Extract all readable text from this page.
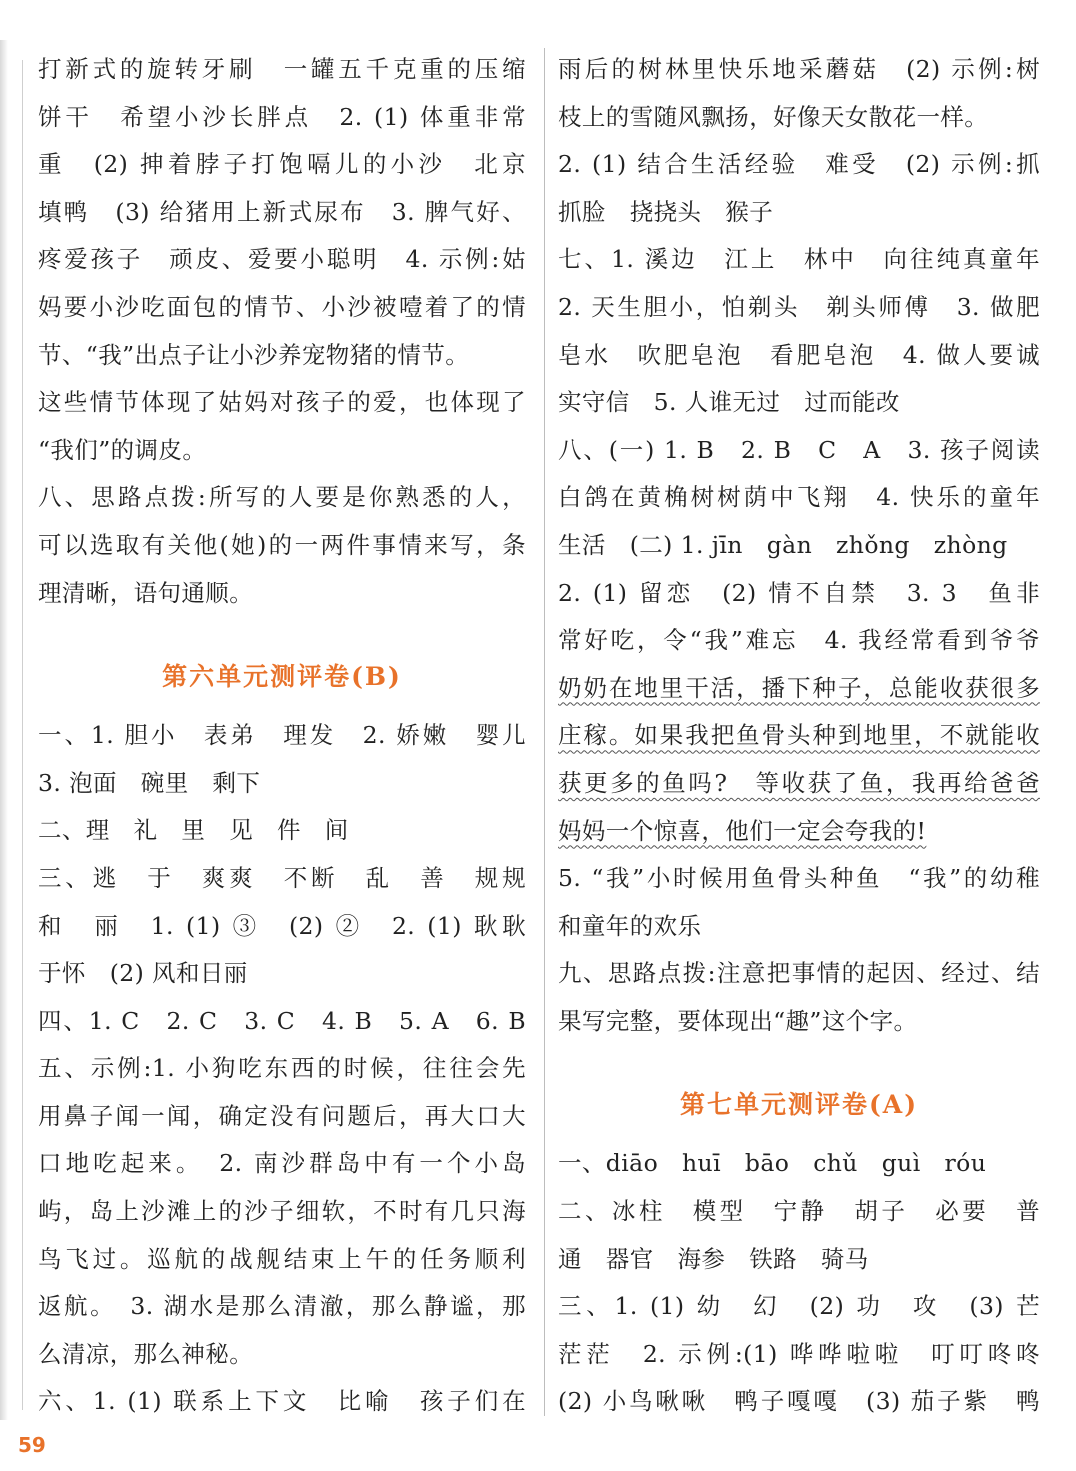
打新式的旋转牙刷　一罐五千克重的压缩
饼干　希望小沙长胖点　2. (1) 体重非常
重　(2) 抻着脖子打饱嗝儿的小沙　北京
填鸭　(3) 给猪用上新式尿布　3. 脾气好、
疼爱孩子　顽皮、爱要小聪明　4. 示例:姑
妈要小沙吃面包的情节、小沙被噎着了的情
节、“我”出点子让小沙养宠物猪的情节。
这些情节体现了姑妈对孩子的爱，也体现了
“我们”的调皮。
八、思路点拨:所写的人要是你熟悉的人，
可以选取有关他(她)的一两件事情来写，条
理清晰，语句通顺。
第六单元测评卷(B)
一、1. 胆小　表弟　理发　2. 娇嫩　婴儿
3. 泡面　碗里　剩下
二、理　礼　里　见　件　间
三、逃　于　爽爽　不断　乱　善　规规
和　丽　1. (1) ③　(2) ②　2. (1) 耿耿
于怀　(2) 风和日丽
四、1. C　2. C　3. C　4. B　5. A　6. B
五、示例:1. 小狗吃东西的时候，往往会先
用鼻子闻一闻，确定没有问题后，再大口大
口地吃起来。　2. 南沙群岛中有一个小岛
屿，岛上沙滩上的沙子细软，不时有几只海
鸟飞过。巡航的战舰结束上午的任务顺利
返航。　3. 湖水是那么清澈，那么静谧，那
么清凉，那么神秘。
六、1. (1) 联系上下文　比喻　孩子们在
雨后的树林里快乐地采蘑菇　(2) 示例:树
枝上的雪随风飘扬，好像天女散花一样。
2. (1) 结合生活经验　难受　(2) 示例:抓
抓脸　挠挠头　猴子
七、1. 溪边　江上　林中　向往纯真童年
2. 天生胆小，怕剃头　剃头师傅　3. 做肥
皂水　吹肥皂泡　看肥皂泡　4. 做人要诚
实守信　5. 人谁无过　过而能改
八、(一) 1. B　2. B　C　A　3. 孩子阅读
白鸽在黄桷树树荫中飞翔　4. 快乐的童年
生活　(二) 1. jīn　gàn　zhǒng　zhòng
2. (1) 留恋　(2) 情不自禁　3. 3　鱼非
常好吃，令“我”难忘　4. 我经常看到爷爷
奶奶在地里干活，播下种子，总能收获很多
庄稼。如果我把鱼骨头种到地里，不就能收
获更多的鱼吗?　等收获了鱼，我再给爸爸
妈妈一个惊喜，他们一定会夸我的!
5. “我”小时候用鱼骨头种鱼　“我”的幼稚
和童年的欢乐
九、思路点拨:注意把事情的起因、经过、结
果写完整，要体现出“趣”这个字。
第七单元测评卷(A)
一、diāo　huī　bāo　chǔ　guì　róu
二、冰柱　模型　宁静　胡子　必要　普
通　器官　海参　铁路　骑马
三、1. (1) 幼　幻　(2) 功　攻　(3) 芒
茫茫　2. 示例:(1) 哗哗啦啦　叮叮咚咚
(2) 小鸟啾啾　鸭子嘎嘎　(3) 茄子紫　鸭
59
